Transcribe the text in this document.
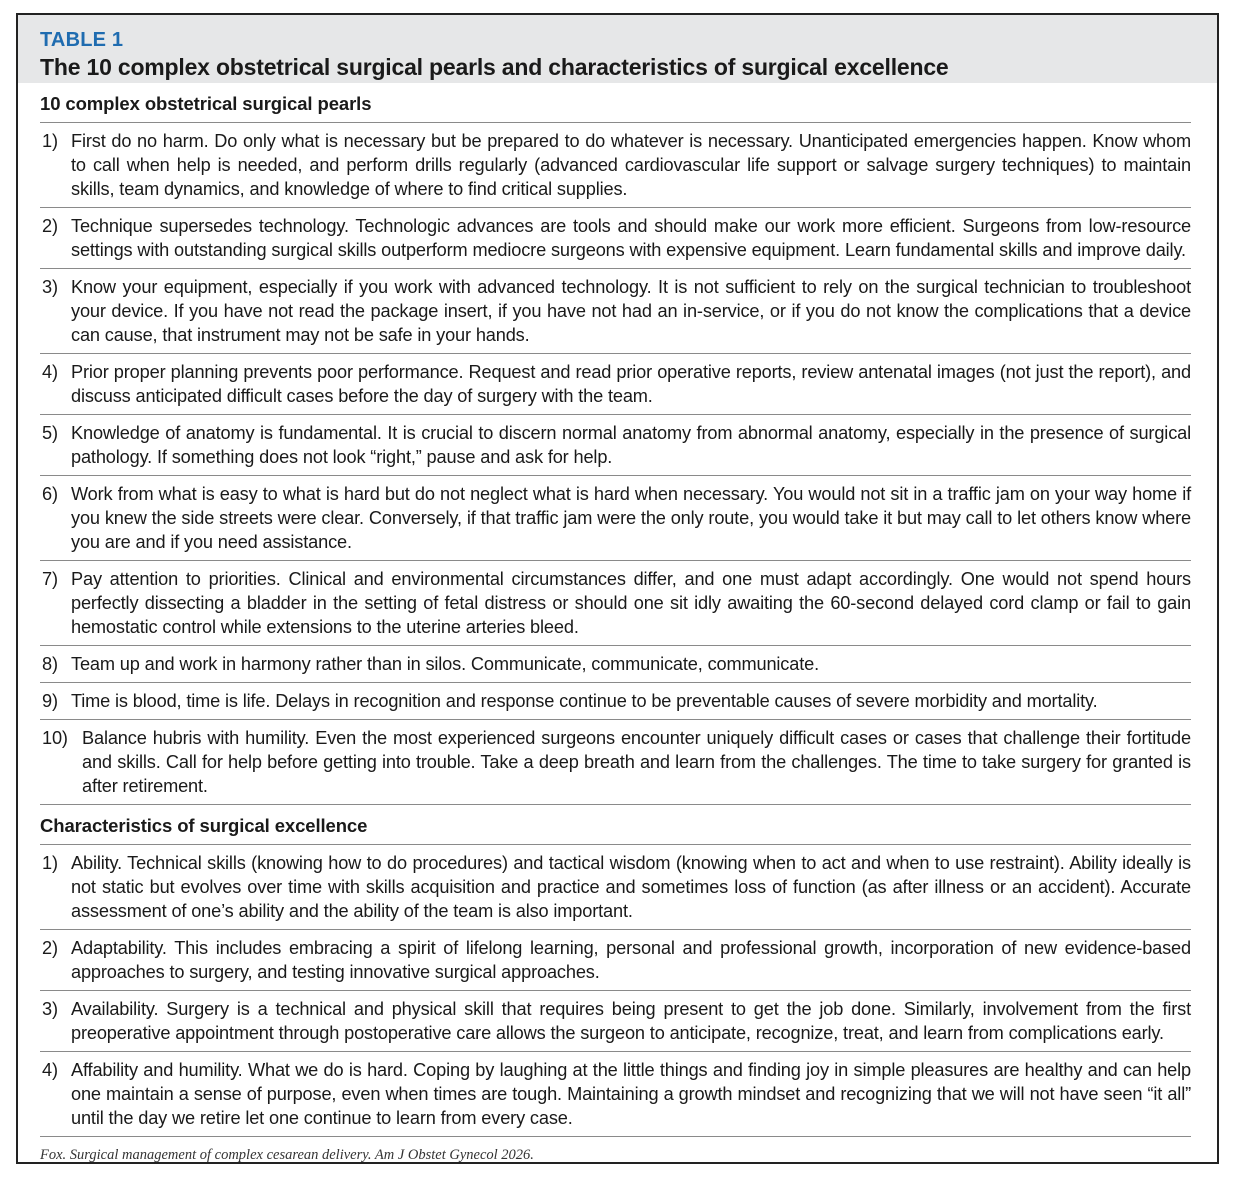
TABLE 1
The 10 complex obstetrical surgical pearls and characteristics of surgical excellence
10 complex obstetrical surgical pearls
1) First do no harm. Do only what is necessary but be prepared to do whatever is necessary. Unanticipated emergencies happen. Know whom to call when help is needed, and perform drills regularly (advanced cardiovascular life support or salvage surgery techniques) to maintain skills, team dynamics, and knowledge of where to find critical supplies.
2) Technique supersedes technology. Technologic advances are tools and should make our work more efficient. Surgeons from low-resource settings with outstanding surgical skills outperform mediocre surgeons with expensive equipment. Learn fundamental skills and improve daily.
3) Know your equipment, especially if you work with advanced technology. It is not sufficient to rely on the surgical technician to troubleshoot your device. If you have not read the package insert, if you have not had an in-service, or if you do not know the complications that a device can cause, that instrument may not be safe in your hands.
4) Prior proper planning prevents poor performance. Request and read prior operative reports, review antenatal images (not just the report), and discuss anticipated difficult cases before the day of surgery with the team.
5) Knowledge of anatomy is fundamental. It is crucial to discern normal anatomy from abnormal anatomy, especially in the presence of surgical pathology. If something does not look “right,” pause and ask for help.
6) Work from what is easy to what is hard but do not neglect what is hard when necessary. You would not sit in a traffic jam on your way home if you knew the side streets were clear. Conversely, if that traffic jam were the only route, you would take it but may call to let others know where you are and if you need assistance.
7) Pay attention to priorities. Clinical and environmental circumstances differ, and one must adapt accordingly. One would not spend hours perfectly dissecting a bladder in the setting of fetal distress or should one sit idly awaiting the 60-second delayed cord clamp or fail to gain hemostatic control while extensions to the uterine arteries bleed.
8) Team up and work in harmony rather than in silos. Communicate, communicate, communicate.
9) Time is blood, time is life. Delays in recognition and response continue to be preventable causes of severe morbidity and mortality.
10) Balance hubris with humility. Even the most experienced surgeons encounter uniquely difficult cases or cases that challenge their fortitude and skills. Call for help before getting into trouble. Take a deep breath and learn from the challenges. The time to take surgery for granted is after retirement.
Characteristics of surgical excellence
1) Ability. Technical skills (knowing how to do procedures) and tactical wisdom (knowing when to act and when to use restraint). Ability ideally is not static but evolves over time with skills acquisition and practice and sometimes loss of function (as after illness or an accident). Accurate assessment of one’s ability and the ability of the team is also important.
2) Adaptability. This includes embracing a spirit of lifelong learning, personal and professional growth, incorporation of new evidence-based approaches to surgery, and testing innovative surgical approaches.
3) Availability. Surgery is a technical and physical skill that requires being present to get the job done. Similarly, involvement from the first preoperative appointment through postoperative care allows the surgeon to anticipate, recognize, treat, and learn from complications early.
4) Affability and humility. What we do is hard. Coping by laughing at the little things and finding joy in simple pleasures are healthy and can help one maintain a sense of purpose, even when times are tough. Maintaining a growth mindset and recognizing that we will not have seen “it all” until the day we retire let one continue to learn from every case.
Fox. Surgical management of complex cesarean delivery. Am J Obstet Gynecol 2026.
